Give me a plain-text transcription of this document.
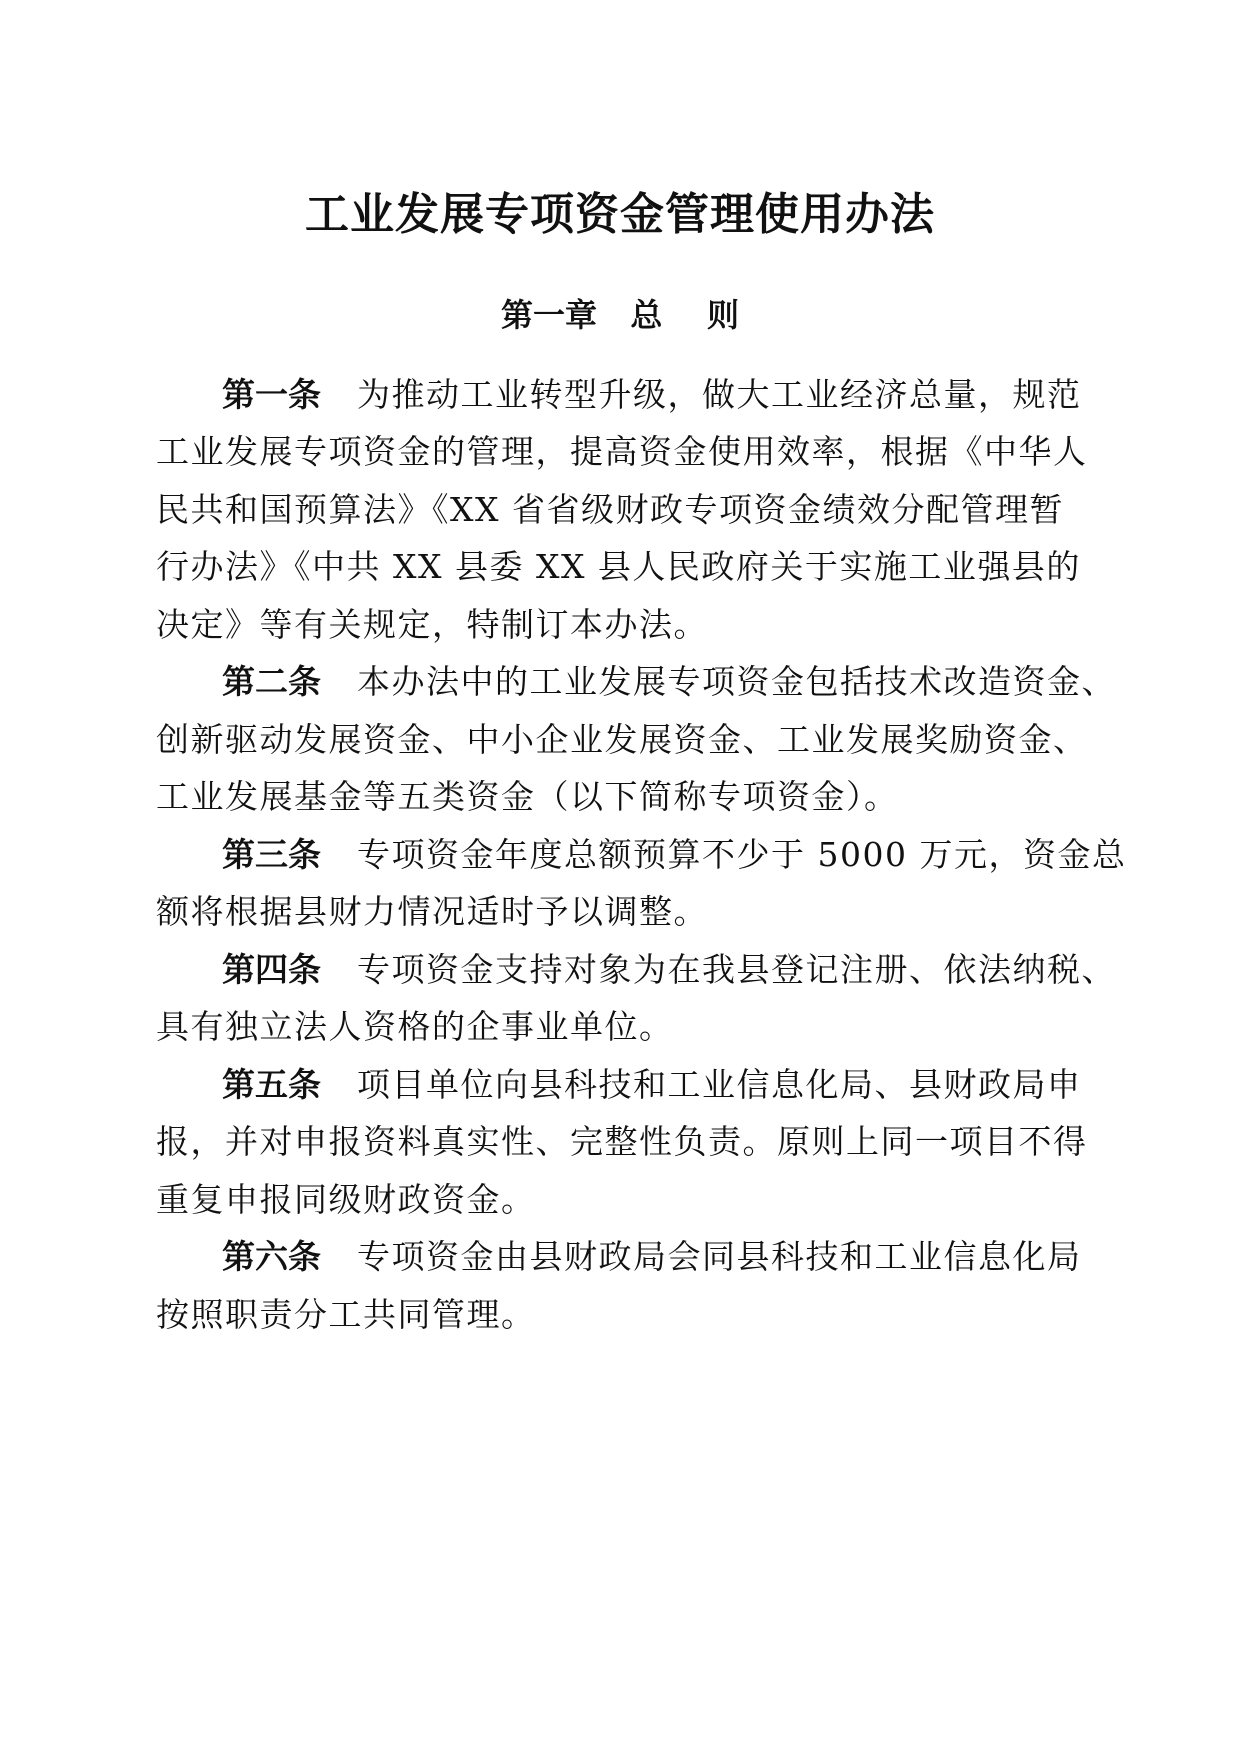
工业发展专项资金管理使用办法
第一章   总    则

第一条 为推动工业转型升级，做大工业经济总量，规范

工业发展专项资金的管理，提高资金使用效率，根据《中华人

民共和国预算法》《XX 省省级财政专项资金绩效分配管理暂

行办法》《中共 XX 县委 XX 县人民政府关于实施工业强县的

决定》等有关规定，特制订本办法。

第二条 本办法中的工业发展专项资金包括技术改造资金、

创新驱动发展资金、中小企业发展资金、工业发展奖励资金、

工业发展基金等五类资金（以下简称专项资金）。

第三条 专项资金年度总额预算不少于 5000 万元，资金总

额将根据县财力情况适时予以调整。

第四条 专项资金支持对象为在我县登记注册、依法纳税、

具有独立法人资格的企事业单位。

第五条 项目单位向县科技和工业信息化局、县财政局申

报，并对申报资料真实性、完整性负责。原则上同一项目不得

重复申报同级财政资金。

第六条 专项资金由县财政局会同县科技和工业信息化局

按照职责分工共同管理。
